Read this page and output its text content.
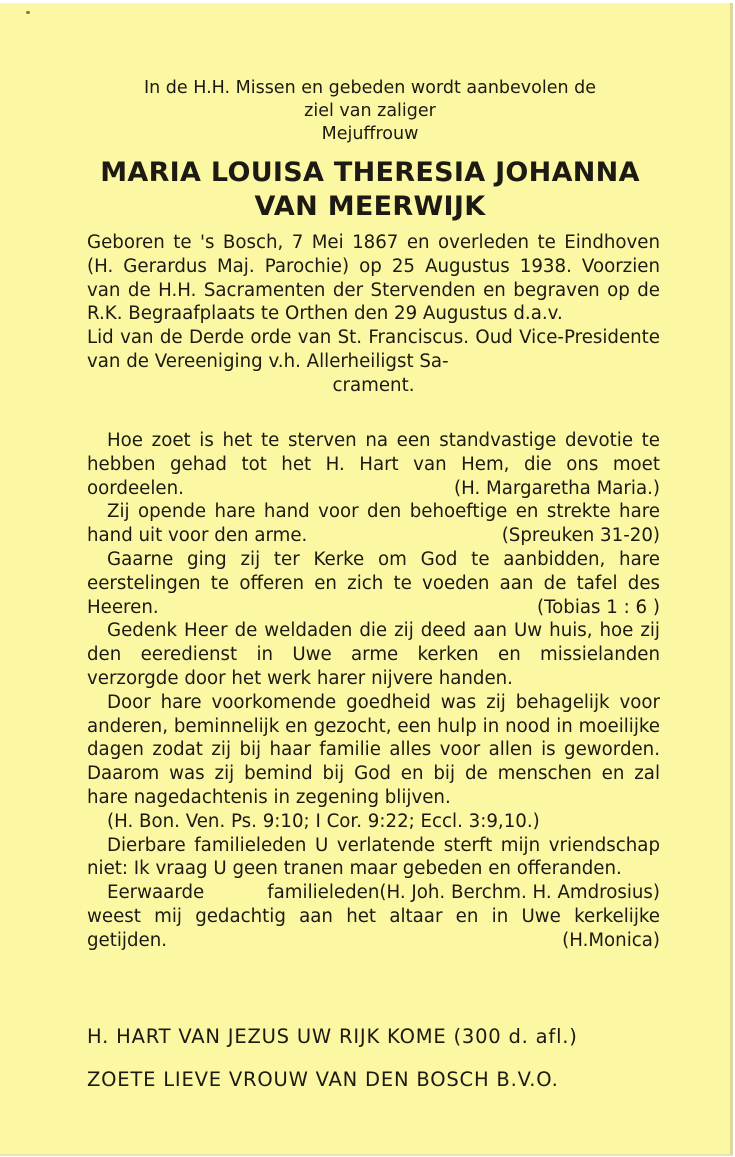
In de H.H. Missen en gebeden wordt aanbevolen de
ziel van zaliger
Mejuffrouw
MARIA LOUISA THERESIA JOHANNA
VAN MEERWIJK

Geboren te 's Bosch, 7 Mei 1867 en overleden te Eindhoven (H. Gerardus Maj. Parochie) op 25 Augustus 1938. Voorzien van de H.H. Sacramenten der Stervenden en begraven op de R.K. Begraafplaats te Orthen den 29 Augustus d.a.v.

Lid van de Derde orde van St. Franciscus. Oud Vice-Presidente van de Vereeniging v.h. Allerheiligst Sa-

crament.

Hoe zoet is het te sterven na een standvastige devotie te hebben gehad tot het H. Hart van Hem, die ons moet oordeelen.	(H. Margaretha Maria.)

Zij opende hare hand voor den behoeftige en strekte hare hand uit voor den arme.	(Spreuken 31-20)

Gaarne ging zij ter Kerke om God te aanbidden, hare eerstelingen te offeren en zich te voeden aan de tafel des Heeren.	(Tobias 1 : 6 )

Gedenk Heer de weldaden die zij deed aan Uw huis, hoe zij den eeredienst in Uwe arme kerken en missielanden verzorgde door het werk harer nijvere handen.

Door hare voorkomende goedheid was zij behagelijk voor anderen, beminnelijk en gezocht, een hulp in nood in moeilijke dagen zodat zij bij haar familie alles voor allen is geworden. Daarom was zij bemind bij God en bij de menschen en zal hare nagedachtenis in zegening blijven.

(H. Bon. Ven. Ps. 9:10; I Cor. 9:22; Eccl. 3:9,10.)

Dierbare familieleden U verlatende sterft mijn vriendschap niet: Ik vraag U geen tranen maar gebeden en offeranden.
(H. Joh. Berchm. H. Amdrosius)

Eerwaarde familieleden weest mij gedachtig aan het altaar en in Uwe kerkelijke getijden.	(H.Monica)

H. HART VAN JEZUS UW RIJK KOME (300 d. afl.)
ZOETE LIEVE VROUW VAN DEN BOSCH B.V.O.
